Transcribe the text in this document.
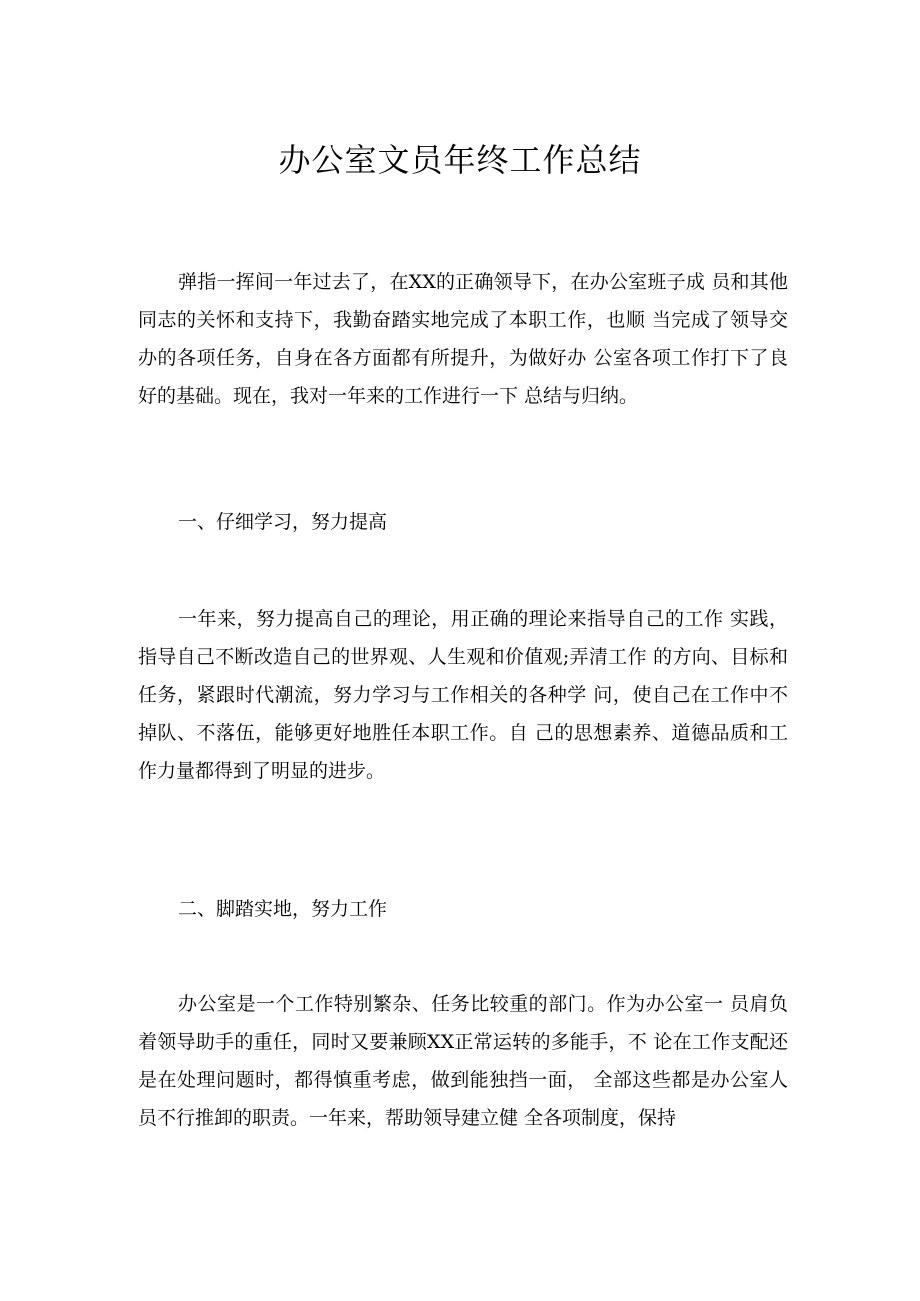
办公室文员年终工作总结

弹指一挥间一年过去了，在XX的正确领导下，在办公室班子成 员和其他同志的关怀和支持下，我勤奋踏实地完成了本职工作，也顺 当完成了领导交办的各项任务，自身在各方面都有所提升，为做好办 公室各项工作打下了良好的基础。现在，我对一年来的工作进行一下 总结与归纳。

一、仔细学习，努力提高

一年来，努力提高自己的理论，用正确的理论来指导自己的工作 实践，指导自己不断改造自己的世界观、人生观和价值观;弄清工作 的方向、目标和任务，紧跟时代潮流，努力学习与工作相关的各种学 问，使自己在工作中不掉队、不落伍，能够更好地胜任本职工作。自 己的思想素养、道德品质和工作力量都得到了明显的进步。

二、脚踏实地，努力工作

办公室是一个工作特别繁杂、任务比较重的部门。作为办公室一 员肩负着领导助手的重任，同时又要兼顾XX正常运转的多能手，不 论在工作支配还是在处理问题时，都得慎重考虑，做到能独挡一面， 全部这些都是办公室人员不行推卸的职责。一年来，帮助领导建立健 全各项制度，保持
